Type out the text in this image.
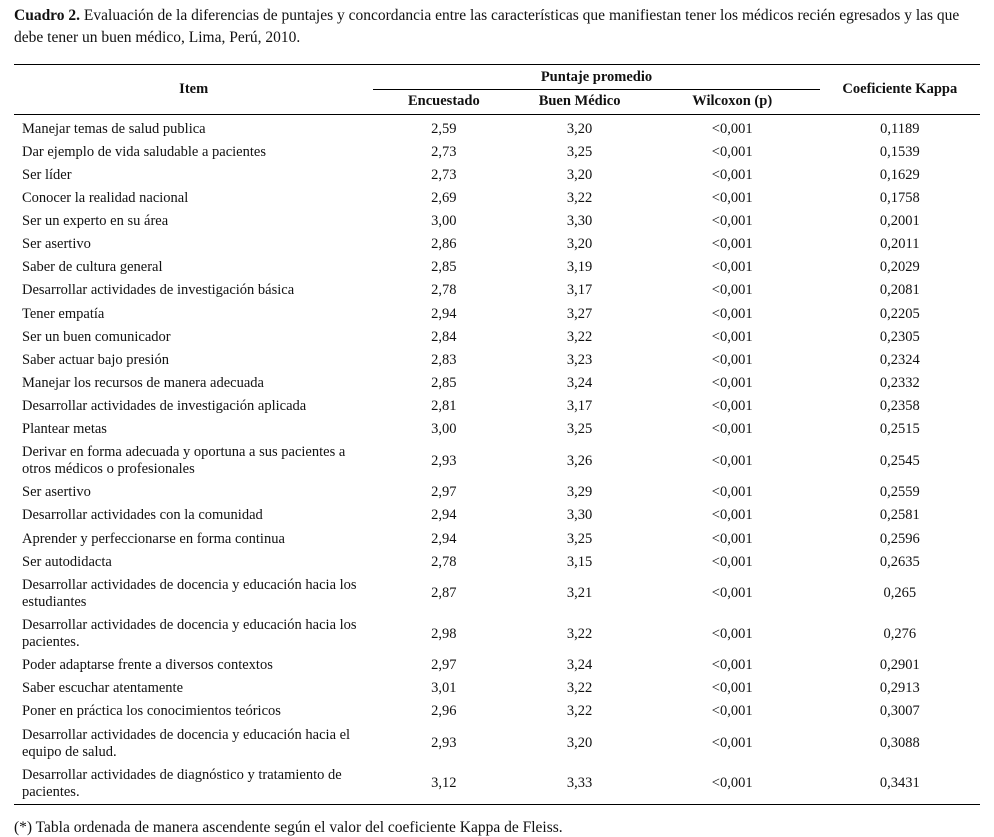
Cuadro 2. Evaluación de la diferencias de puntajes y concordancia entre las características que manifiestan tener los médicos recién egresados y las que debe tener un buen médico, Lima, Perú, 2010.

Item	Puntaje promedio			Coeficiente Kappa
	Encuestado	Buen Médico	Wilcoxon (p)	
Manejar temas de salud publica	2,59	3,20	<0,001	0,1189
Dar ejemplo de vida saludable a pacientes	2,73	3,25	<0,001	0,1539
Ser líder	2,73	3,20	<0,001	0,1629
Conocer la realidad nacional	2,69	3,22	<0,001	0,1758
Ser un experto en su área	3,00	3,30	<0,001	0,2001
Ser asertivo	2,86	3,20	<0,001	0,2011
Saber de cultura general	2,85	3,19	<0,001	0,2029
Desarrollar actividades de investigación básica	2,78	3,17	<0,001	0,2081
Tener empatía	2,94	3,27	<0,001	0,2205
Ser un buen comunicador	2,84	3,22	<0,001	0,2305
Saber actuar bajo presión	2,83	3,23	<0,001	0,2324
Manejar los recursos de manera adecuada	2,85	3,24	<0,001	0,2332
Desarrollar actividades de investigación aplicada	2,81	3,17	<0,001	0,2358
Plantear metas	3,00	3,25	<0,001	0,2515
Derivar en forma adecuada y oportuna a sus pacientes a otros médicos o profesionales	2,93	3,26	<0,001	0,2545
Ser asertivo	2,97	3,29	<0,001	0,2559
Desarrollar actividades con la comunidad	2,94	3,30	<0,001	0,2581
Aprender y perfeccionarse en forma continua	2,94	3,25	<0,001	0,2596
Ser autodidacta	2,78	3,15	<0,001	0,2635
Desarrollar actividades de docencia y educación hacia los estudiantes	2,87	3,21	<0,001	0,265
Desarrollar actividades de docencia y educación hacia los pacientes.	2,98	3,22	<0,001	0,276
Poder adaptarse frente a diversos contextos	2,97	3,24	<0,001	0,2901
Saber escuchar atentamente	3,01	3,22	<0,001	0,2913
Poner en práctica los conocimientos teóricos	2,96	3,22	<0,001	0,3007
Desarrollar actividades de docencia y educación hacia el equipo de salud.	2,93	3,20	<0,001	0,3088
Desarrollar actividades de diagnóstico y tratamiento de pacientes.	3,12	3,33	<0,001	0,3431

(*) Tabla ordenada de manera ascendente según el valor del coeficiente Kappa de Fleiss.
